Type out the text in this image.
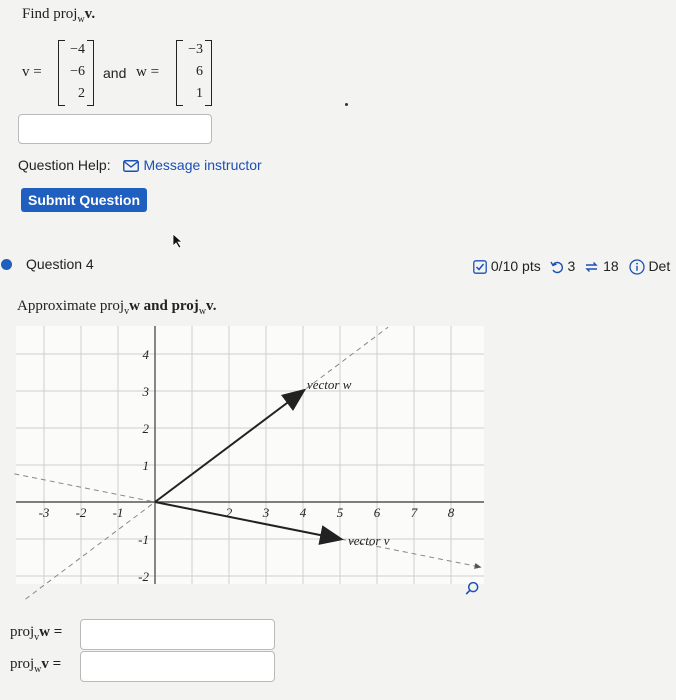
Find proj$_w$v.
v =
−4
−6
2
and w =
−3
6
1
Question Help:	Message instructor
Submit Question
Question 4	0/10 pts 3 18 Det
Approximate proj$_v$w and proj$_w$v.
vector w
vector v
-3 -2 -1	2 3 4 5 6 7 8
4
3
2
1
-1
-2
proj$_v$w =
proj$_w$v =
